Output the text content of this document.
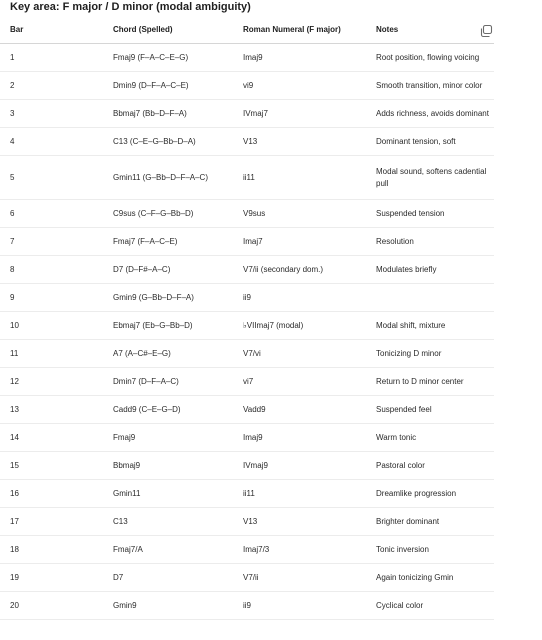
Key area: F major / D minor (modal ambiguity)
Bar	Chord (Spelled)	Roman Numeral (F major)	Notes
1	Fmaj9 (F–A–C–E–G)	Imaj9	Root position, flowing voicing
2	Dmin9 (D–F–A–C–E)	vi9	Smooth transition, minor color
3	Bbmaj7 (Bb–D–F–A)	IVmaj7	Adds richness, avoids dominant
4	C13 (C–E–G–Bb–D–A)	V13	Dominant tension, soft
5	Gmin11 (G–Bb–D–F–A–C)	ii11	Modal sound, softens cadential pull
6	C9sus (C–F–G–Bb–D)	V9sus	Suspended tension
7	Fmaj7 (F–A–C–E)	Imaj7	Resolution
8	D7 (D–F#–A–C)	V7/ii (secondary dom.)	Modulates briefly
9	Gmin9 (G–Bb–D–F–A)	ii9	
10	Ebmaj7 (Eb–G–Bb–D)	♭VIImaj7 (modal)	Modal shift, mixture
11	A7 (A–C#–E–G)	V7/vi	Tonicizing D minor
12	Dmin7 (D–F–A–C)	vi7	Return to D minor center
13	Cadd9 (C–E–G–D)	Vadd9	Suspended feel
14	Fmaj9	Imaj9	Warm tonic
15	Bbmaj9	IVmaj9	Pastoral color
16	Gmin11	ii11	Dreamlike progression
17	C13	V13	Brighter dominant
18	Fmaj7/A	Imaj7/3	Tonic inversion
19	D7	V7/ii	Again tonicizing Gmin
20	Gmin9	ii9	Cyclical color
